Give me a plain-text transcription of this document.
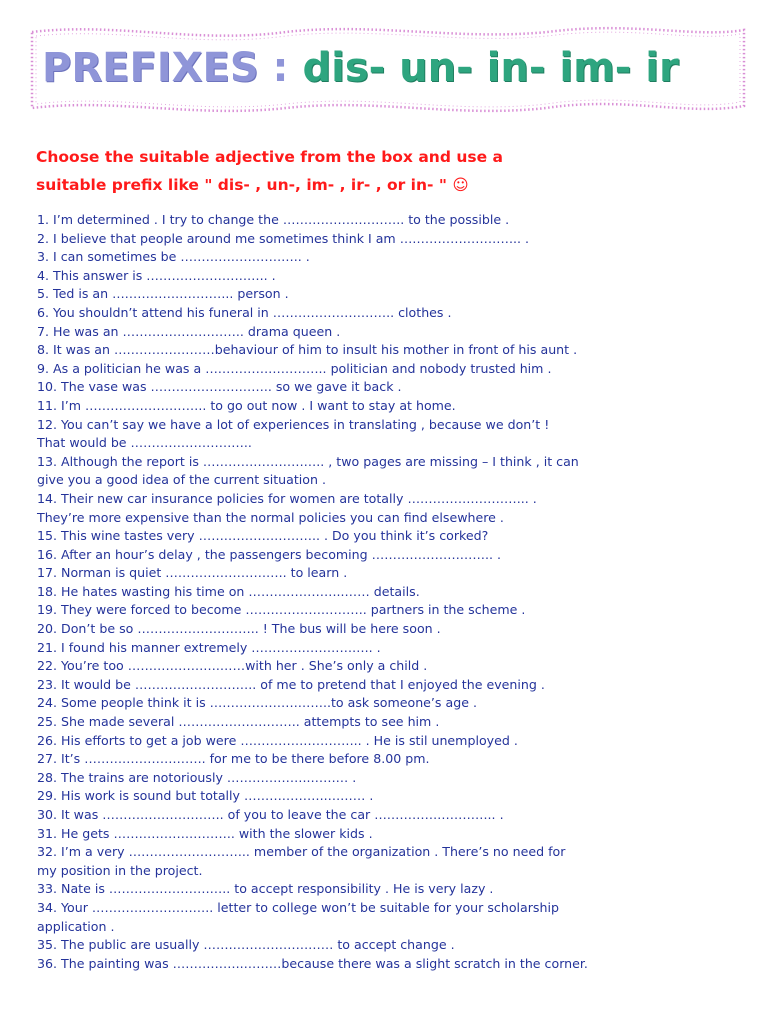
PREFIXES : dis- un- in- im- ir
Choose the suitable adjective from the box and use a
suitable prefix like " dis- , un-, im- , ir- , or in- " ☺
1. I’m determined . I try to change the ……………………….. to the possible .
2. I believe that people around me sometimes think I am ……………………….. .
3. I can sometimes be ……………………….. .
4. This answer is ……………………….. .
5. Ted is an ……………………….. person .
6. You shouldn’t attend his funeral in ……………………….. clothes .
7. He was an ……………………….. drama queen .
8. It was an ……………………behaviour of him to insult his mother in front of his aunt .
9. As a politician he was a ……………………….. politician and nobody trusted him .
10. The vase was ……………………….. so we gave it back .
11. I’m ……………………….. to go out now . I want to stay at home.
12. You can’t say we have a lot of experiences in translating , because we don’t !
That would be ………………………..
13. Although the report is ……………………….. , two pages are missing – I think , it can
give you a good idea of the current situation .
14. Their new car insurance policies for women are totally ……………………….. .
They’re more expensive than the normal policies you can find elsewhere .
15. This wine tastes very ……………………….. . Do you think it’s corked?
16. After an hour’s delay , the passengers becoming ……………………….. .
17. Norman is quiet ……………………….. to learn .
18. He hates wasting his time on …………………..…… details.
19. They were forced to become ……………………….. partners in the scheme .
20. Don’t be so ……………………….. ! The bus will be here soon .
21. I found his manner extremely ……………………….. .
22. You’re too ………………….……with her . She’s only a child .
23. It would be ……………………….. of me to pretend that I enjoyed the evening .
24. Some people think it is ………………………..to ask someone’s age .
25. She made several ……………………….. attempts to see him .
26. His efforts to get a job were ……………………….. . He is stil unemployed .
27. It’s ……………………….. for me to be there before 8.00 pm.
28. The trains are notoriously ………………..……… .
29. His work is sound but totally ………………..……… .
30. It was ……………………….. of you to leave the car ……………………….. .
31. He gets ……………………….. with the slower kids .
32. I’m a very ……………………….. member of the organization . There’s no need for
my position in the project.
33. Nate is ……………………….. to accept responsibility . He is very lazy .
34. Your ……………………….. letter to college won’t be suitable for your scholarship
application .
35. The public are usually …….…………………… to accept change .
36. The painting was ……………..………because there was a slight scratch in the corner.
